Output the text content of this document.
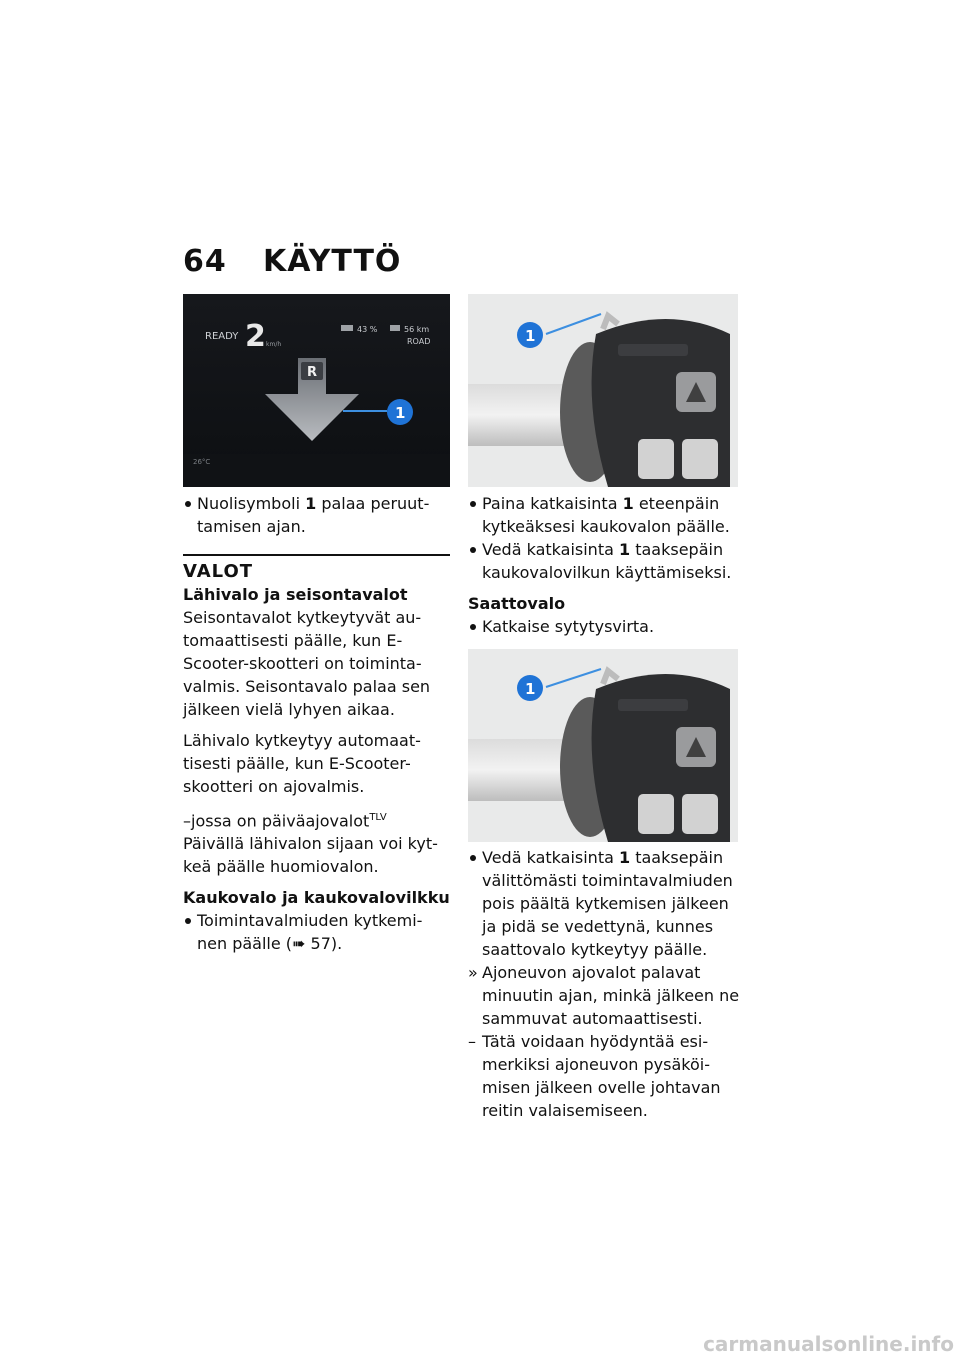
64 KÄYTTÖ
READY 2 km/h
43 %	56 km
ROAD
R
1
26°C

Nuolisymboli 1 palaa peruut-tamisen ajan.

VALOT

Lähivalo ja seisontavalot

Seisontavalot kytkeytyvät au-tomaattisesti päälle, kun E-Scooter-skootteri on toiminta-valmis. Seisontavalo palaa sen jälkeen vielä lyhyen aikaa.

Lähivalo kytkeytyy automaat-tisesti päälle, kun E-Scooter-skootteri on ajovalmis.

–jossa on päiväajovalot$^{TLV}$
Päivällä lähivalon sijaan voi kyt-keä päälle huomiovalon.

Kaukovalo ja kaukovalovilkku

Toimintavalmiuden kytkemi-nen päälle (➠ 57).

1

Paina katkaisinta 1 eteenpäin kytkeäksesi kaukovalon päälle.

Vedä katkaisinta 1 taaksepäin kaukovalovilkun käyttämiseksi.

Saattovalo

Katkaise sytytysvirta.

1

Vedä katkaisinta 1 taaksepäin välittömästi toimintavalmiuden pois päältä kytkemisen jälkeen ja pidä se vedettynä, kunnes saattovalo kytkeytyy päälle.

» Ajoneuvon ajovalot palavat minuutin ajan, minkä jälkeen ne sammuvat automaattisesti.

– Tätä voidaan hyödyntää esi-merkiksi ajoneuvon pysäköi-misen jälkeen ovelle johtavan reitin valaisemiseen.

carmanualsonline.info
